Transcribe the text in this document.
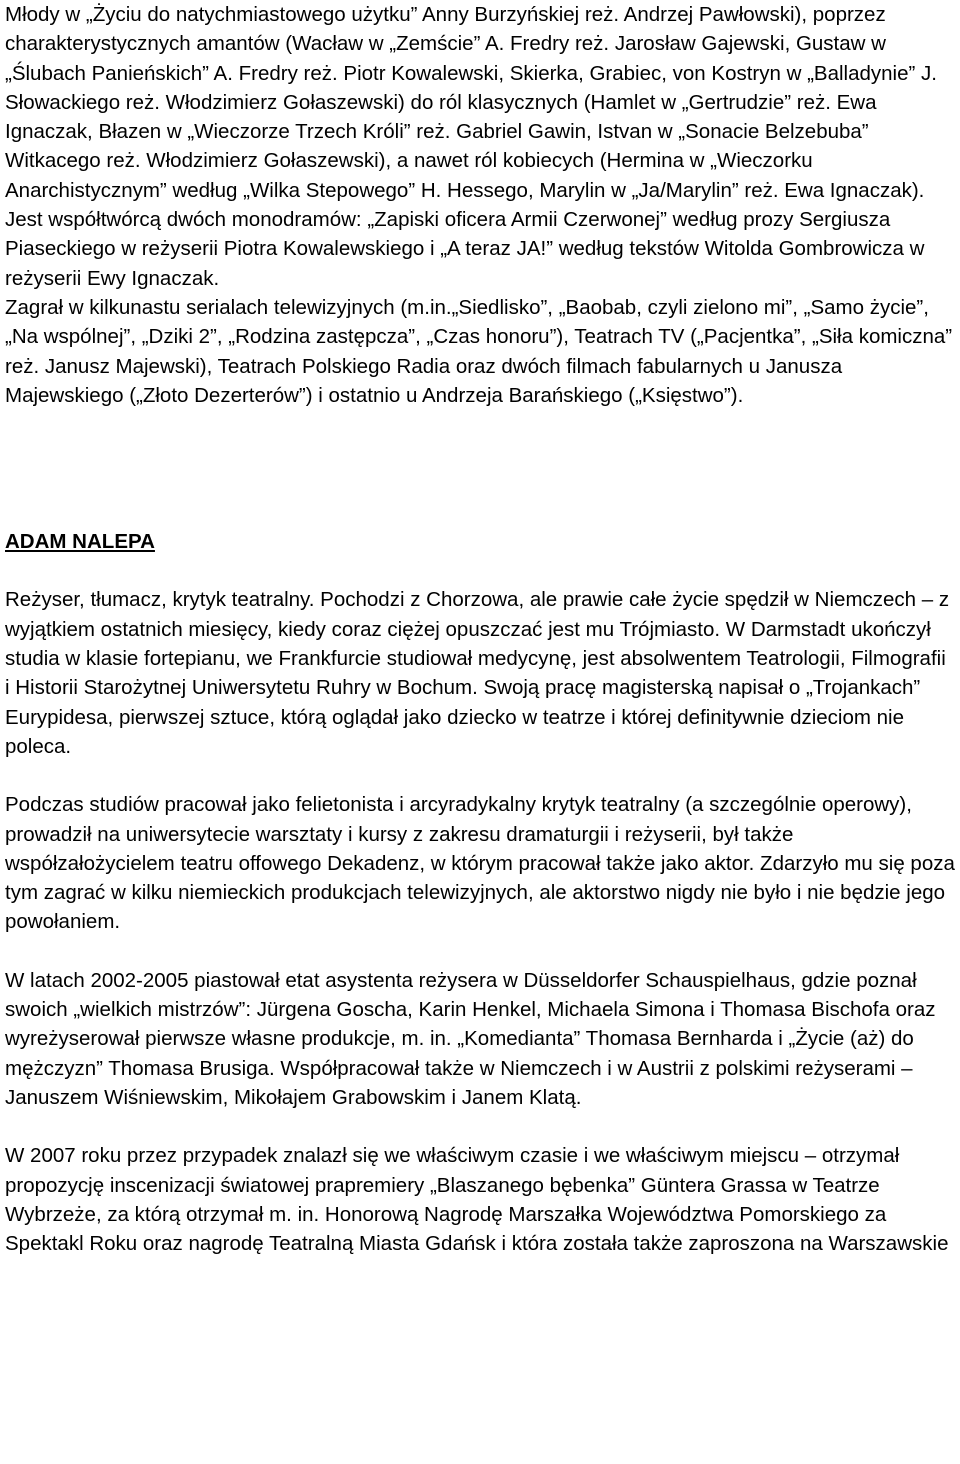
Młody w „Życiu do natychmiastowego użytku” Anny Burzyńskiej reż. Andrzej Pawłowski), poprzez charakterystycznych amantów (Wacław w „Zemście” A. Fredry reż. Jarosław Gajewski, Gustaw w „Ślubach Panieńskich” A. Fredry reż. Piotr Kowalewski, Skierka, Grabiec, von Kostryn w „Balladynie” J. Słowackiego reż. Włodzimierz Gołaszewski) do ról klasycznych (Hamlet w „Gertrudzie” reż. Ewa Ignaczak, Błazen w „Wieczorze Trzech Króli” reż. Gabriel Gawin, Istvan w „Sonacie Belzebuba” Witkacego reż. Włodzimierz Gołaszewski), a nawet ról kobiecych (Hermina w „Wieczorku Anarchistycznym” według „Wilka Stepowego” H. Hessego, Marylin w „Ja/Marylin” reż. Ewa Ignaczak). Jest współtwórcą dwóch monodramów: „Zapiski oficera Armii Czerwonej” według prozy Sergiusza Piaseckiego w reżyserii Piotra Kowalewskiego i „A teraz JA!” według tekstów Witolda Gombrowicza w reżyserii Ewy Ignaczak.

Zagrał w kilkunastu serialach telewizyjnych (m.in.„Siedlisko”, „Baobab, czyli zielono mi”, „Samo życie”, „Na wspólnej”, „Dziki 2”, „Rodzina zastępcza”, „Czas honoru”), Teatrach TV („Pacjentka”, „Siła komiczna” reż. Janusz Majewski), Teatrach Polskiego Radia oraz dwóch filmach fabularnych u Janusza Majewskiego („Złoto Dezerterów”) i ostatnio u Andrzeja Barańskiego („Księstwo”).

ADAM NALEPA

Reżyser, tłumacz, krytyk teatralny. Pochodzi z Chorzowa, ale prawie całe życie spędził w Niemczech – z wyjątkiem ostatnich miesięcy, kiedy coraz ciężej opuszczać jest mu Trójmiasto. W Darmstadt ukończył studia w klasie fortepianu, we Frankfurcie studiował medycynę, jest absolwentem Teatrologii, Filmografii i Historii Starożytnej Uniwersytetu Ruhry w Bochum. Swoją pracę magisterską napisał o „Trojankach” Eurypidesa, pierwszej sztuce, którą oglądał jako dziecko w teatrze i której definitywnie dzieciom nie poleca.

Podczas studiów pracował jako felietonista i arcyradykalny krytyk teatralny (a szczególnie operowy), prowadził na uniwersytecie warsztaty i kursy z zakresu dramaturgii i reżyserii, był także współzałożycielem teatru offowego Dekadenz, w którym pracował także jako aktor. Zdarzyło mu się poza tym zagrać w kilku niemieckich produkcjach telewizyjnych, ale aktorstwo nigdy nie było i nie będzie jego powołaniem.

W latach 2002-2005 piastował etat asystenta reżysera w Düsseldorfer Schauspielhaus, gdzie poznał swoich „wielkich mistrzów”: Jürgena Goscha, Karin Henkel, Michaela Simona i Thomasa Bischofa oraz wyreżyserował pierwsze własne produkcje, m. in. „Komedianta” Thomasa Bernharda i „Życie (aż) do mężczyzn” Thomasa Brusiga. Współpracował także w Niemczech i w Austrii z polskimi reżyserami – Januszem Wiśniewskim, Mikołajem Grabowskim i Janem Klatą.

W 2007 roku przez przypadek znalazł się we właściwym czasie i we właściwym miejscu – otrzymał propozycję inscenizacji światowej prapremiery „Blaszanego bębenka” Güntera Grassa w Teatrze Wybrzeże, za którą otrzymał m. in. Honorową Nagrodę Marszałka Województwa Pomorskiego za Spektakl Roku oraz nagrodę Teatralną Miasta Gdańsk i która została także zaproszona na Warszawskie
